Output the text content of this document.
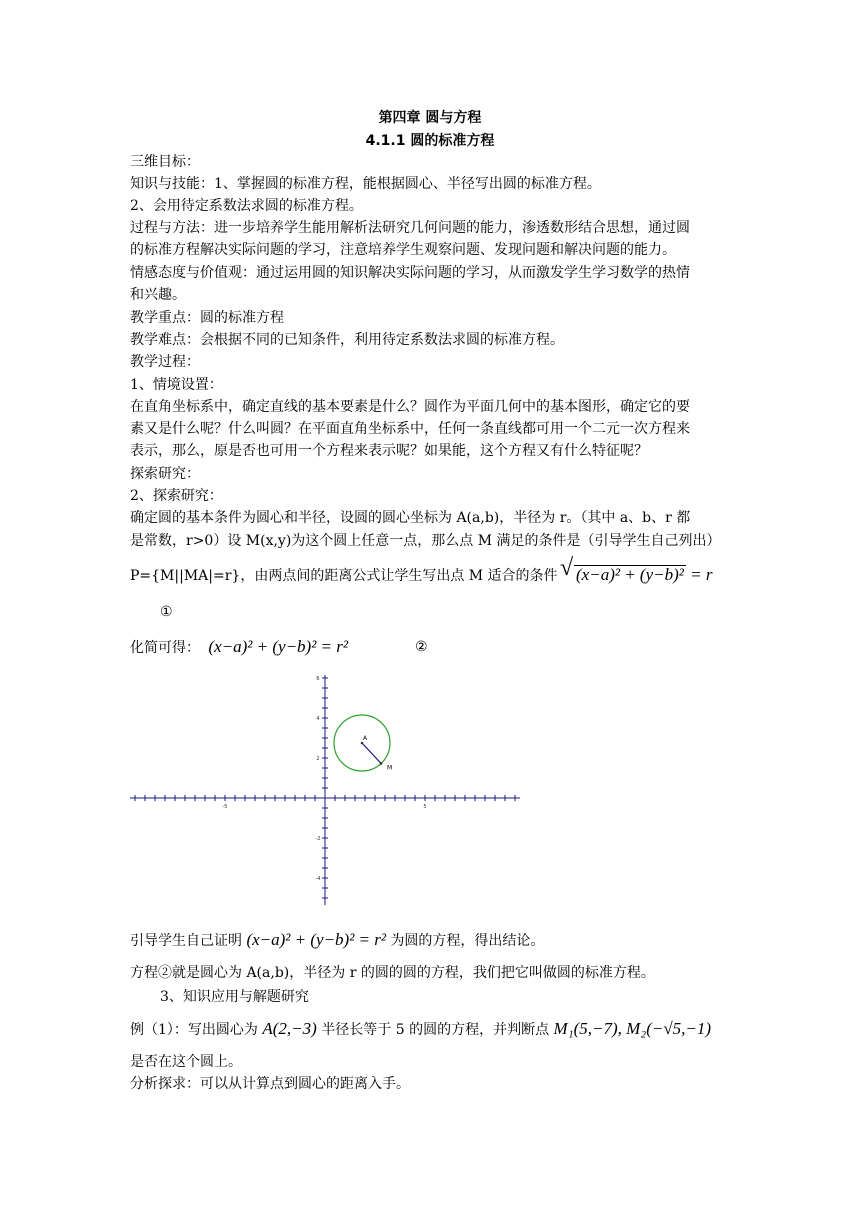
第四章 圆与方程
4.1.1 圆的标准方程
三维目标：
知识与技能：1、掌握圆的标准方程，能根据圆心、半径写出圆的标准方程。
2、会用待定系数法求圆的标准方程。
过程与方法：进一步培养学生能用解析法研究几何问题的能力，渗透数形结合思想，通过圆
的标准方程解决实际问题的学习，注意培养学生观察问题、发现问题和解决问题的能力。
情感态度与价值观：通过运用圆的知识解决实际问题的学习，从而激发学生学习数学的热情
和兴趣。
教学重点：圆的标准方程
教学难点：会根据不同的已知条件，利用待定系数法求圆的标准方程。
教学过程：
1、情境设置：
在直角坐标系中，确定直线的基本要素是什么？圆作为平面几何中的基本图形，确定它的要
素又是什么呢？什么叫圆？在平面直角坐标系中，任何一条直线都可用一个二元一次方程来
表示，那么，原是否也可用一个方程来表示呢？如果能，这个方程又有什么特征呢？
探索研究：
2、探索研究：
确定圆的基本条件为圆心和半径，设圆的圆心坐标为 A(a,b)，半径为 r。（其中 a、b、r 都
是常数，r>0）设 M(x,y)为这个圆上任意一点，那么点 M 满足的条件是（引导学生自己列出）
P={M||MA|=r}，由两点间的距离公式让学生写出点 M 适合的条件 √ (x−a)² + (y−b)² = r
①
化简可得： (x−a)² + (y−b)² = r²	②
-5	5
6
4
2
-2
-4
A
M
引导学生自己证明 (x−a)² + (y−b)² = r² 为圆的方程，得出结论。
方程②就是圆心为 A(a,b)，半径为 r 的圆的圆的方程，我们把它叫做圆的标准方程。
3、知识应用与解题研究
例（1）：写出圆心为 A(2,−3) 半径长等于 5 的圆的方程，并判断点 M₁(5,−7), M₂(−√5,−1)
是否在这个圆上。
分析探求：可以从计算点到圆心的距离入手。
